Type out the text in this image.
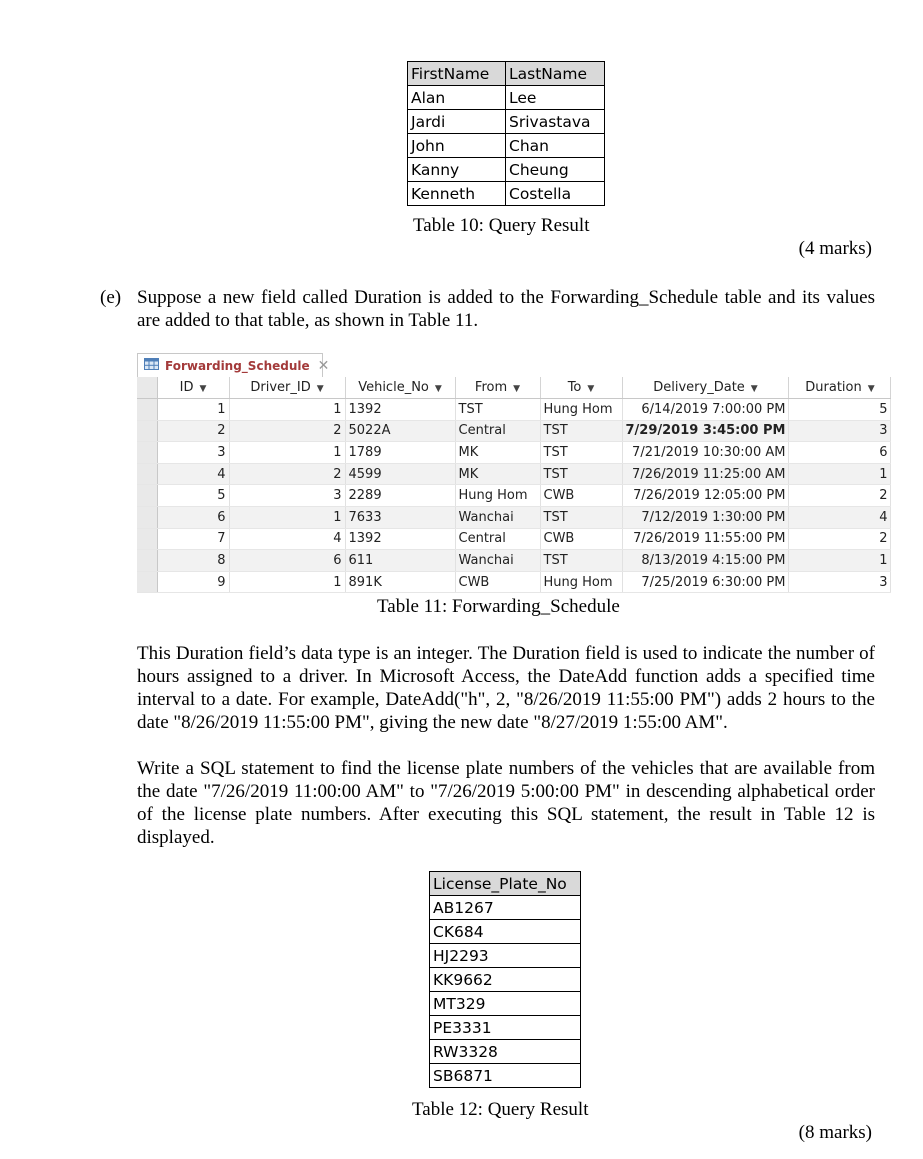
FirstName	LastName
Alan	Lee
Jardi	Srivastava
John	Chan
Kanny	Cheung
Kenneth	Costella
Table 10: Query Result
(4 marks)
(e) Suppose a new field called Duration is added to the Forwarding_Schedule table and its values are added to that table, as shown in Table 11.
Forwarding_Schedule ✕
	ID ▼	Driver_ID ▼	Vehicle_No ▼	From ▼	To ▼	Delivery_Date ▼	Duration ▼
	1	1	1392	TST	Hung Hom	6/14/2019 7:00:00 PM	5
	2	2	5022A	Central	TST	7/29/2019 3:45:00 PM	3
	3	1	1789	MK	TST	7/21/2019 10:30:00 AM	6
	4	2	4599	MK	TST	7/26/2019 11:25:00 AM	1
	5	3	2289	Hung Hom	CWB	7/26/2019 12:05:00 PM	2
	6	1	7633	Wanchai	TST	7/12/2019 1:30:00 PM	4
	7	4	1392	Central	CWB	7/26/2019 11:55:00 PM	2
	8	6	611	Wanchai	TST	8/13/2019 4:15:00 PM	1
	9	1	891K	CWB	Hung Hom	7/25/2019 6:30:00 PM	3
Table 11: Forwarding_Schedule
This Duration field’s data type is an integer. The Duration field is used to indicate the number of hours assigned to a driver. In Microsoft Access, the DateAdd function adds a specified time interval to a date. For example, DateAdd("h", 2, "8/26/2019 11:55:00 PM") adds 2 hours to the date "8/26/2019 11:55:00 PM", giving the new date "8/27/2019 1:55:00 AM".
Write a SQL statement to find the license plate numbers of the vehicles that are available from the date "7/26/2019 11:00:00 AM" to "7/26/2019 5:00:00 PM" in descending alphabetical order of the license plate numbers. After executing this SQL statement, the result in Table 12 is displayed.
License_Plate_No
AB1267
CK684
HJ2293
KK9662
MT329
PE3331
RW3328
SB6871
Table 12: Query Result
(8 marks)
